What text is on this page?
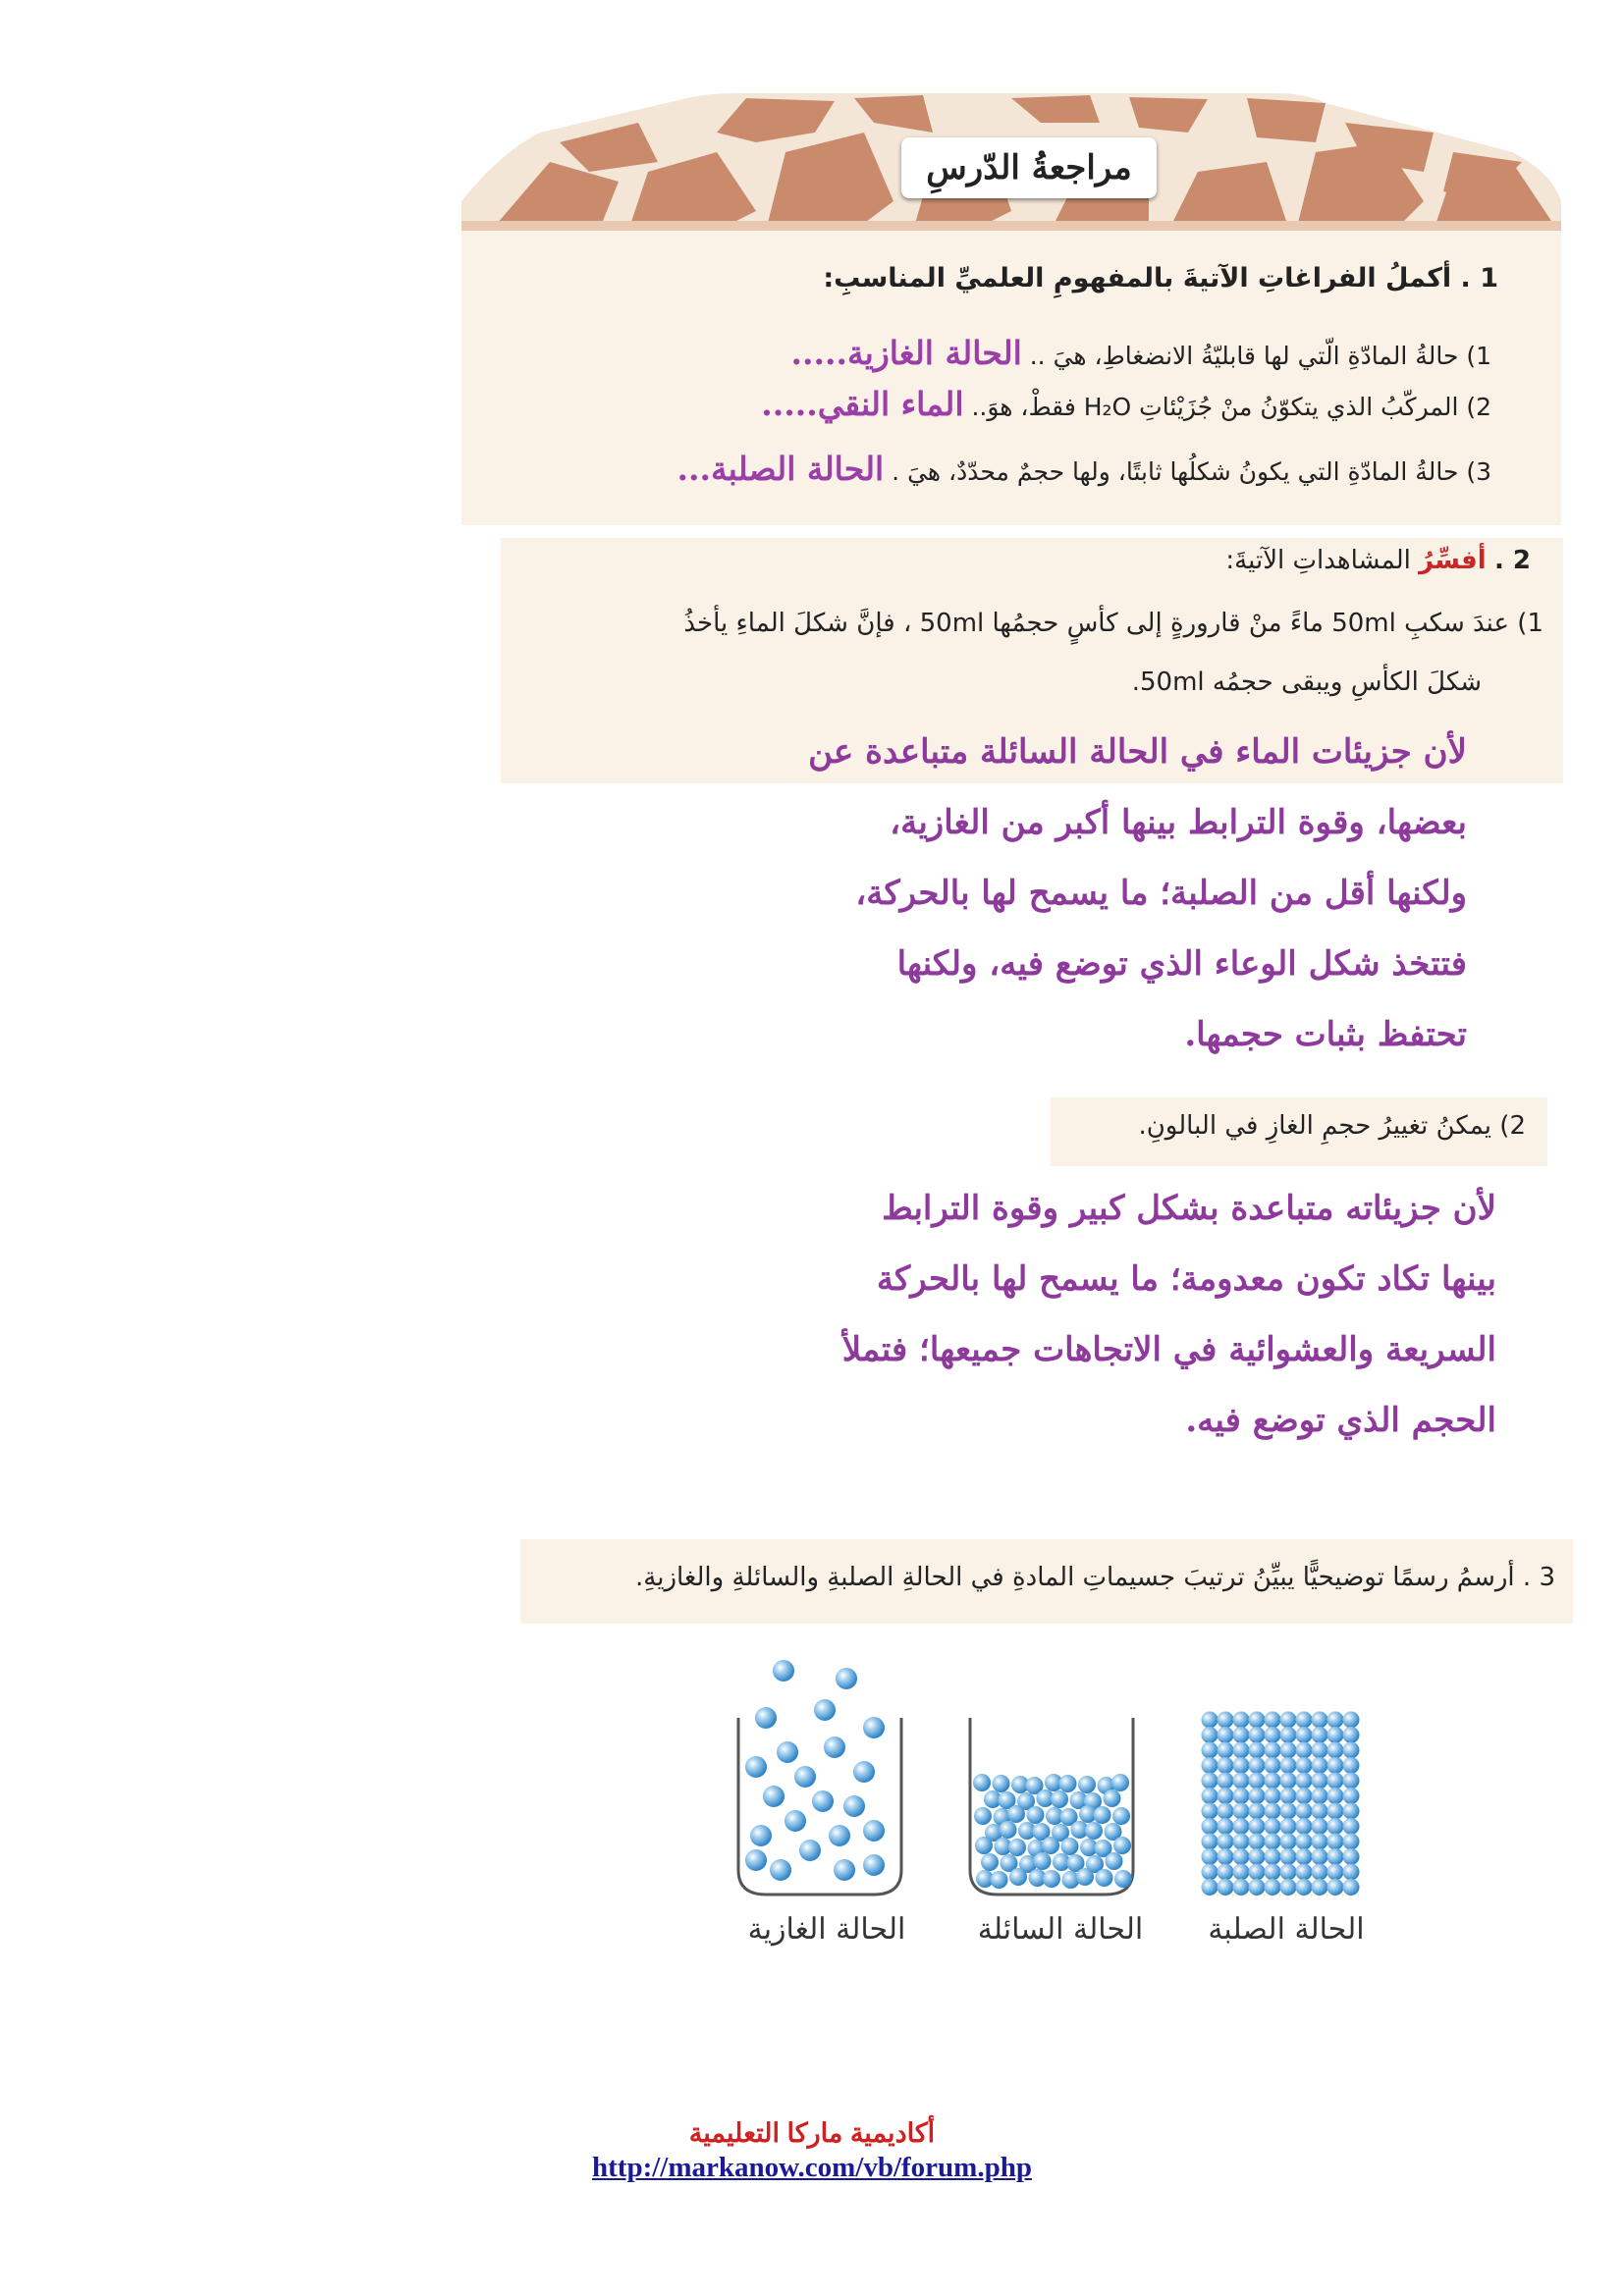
مراجعةُ الدّرسِ
1 . أكملُ الفراغاتِ الآتيةَ بالمفهومِ العلميِّ المناسبِ:
1) حالةُ المادّةِ الّتي لها قابليّةُ الانضغاطِ، هيَ .. الحالة الغازية.....
2) المركّبُ الذي يتكوّنُ منْ جُزَيْئاتِ H₂O فقطْ، هوَ.. الماء النقي.....
3) حالةُ المادّةِ التي يكونُ شكلُها ثابتًا، ولها حجمٌ محدّدٌ، هيَ . الحالة الصلبة...
2 . أفسِّرُ المشاهداتِ الآتيةَ:
1) عندَ سكبِ 50ml ماءً منْ قارورةٍ إلى كأسٍ حجمُها 50ml ، فإنَّ شكلَ الماءِ يأخذُ
شكلَ الكأسِ ويبقى حجمُه 50ml.
لأن جزيئات الماء في الحالة السائلة متباعدة عن
بعضها، وقوة الترابط بينها أكبر من الغازية،
ولكنها أقل من الصلبة؛ ما يسمح لها بالحركة،
فتتخذ شكل الوعاء الذي توضع فيه، ولكنها
تحتفظ بثبات حجمها.
2) يمكنُ تغييرُ حجمِ الغازِ في البالونِ.
لأن جزيئاته متباعدة بشكل كبير وقوة الترابط
بينها تكاد تكون معدومة؛ ما يسمح لها بالحركة
السريعة والعشوائية في الاتجاهات جميعها؛ فتملأ
الحجم الذي توضع فيه.
3 . أرسمُ رسمًا توضيحيًّا يبيِّنُ ترتيبَ جسيماتِ المادةِ في الحالةِ الصلبةِ والسائلةِ والغازيةِ.
الحالة الغازية	الحالة السائلة	الحالة الصلبة
أكاديمية ماركا التعليمية
http://markanow.com/vb/forum.php
